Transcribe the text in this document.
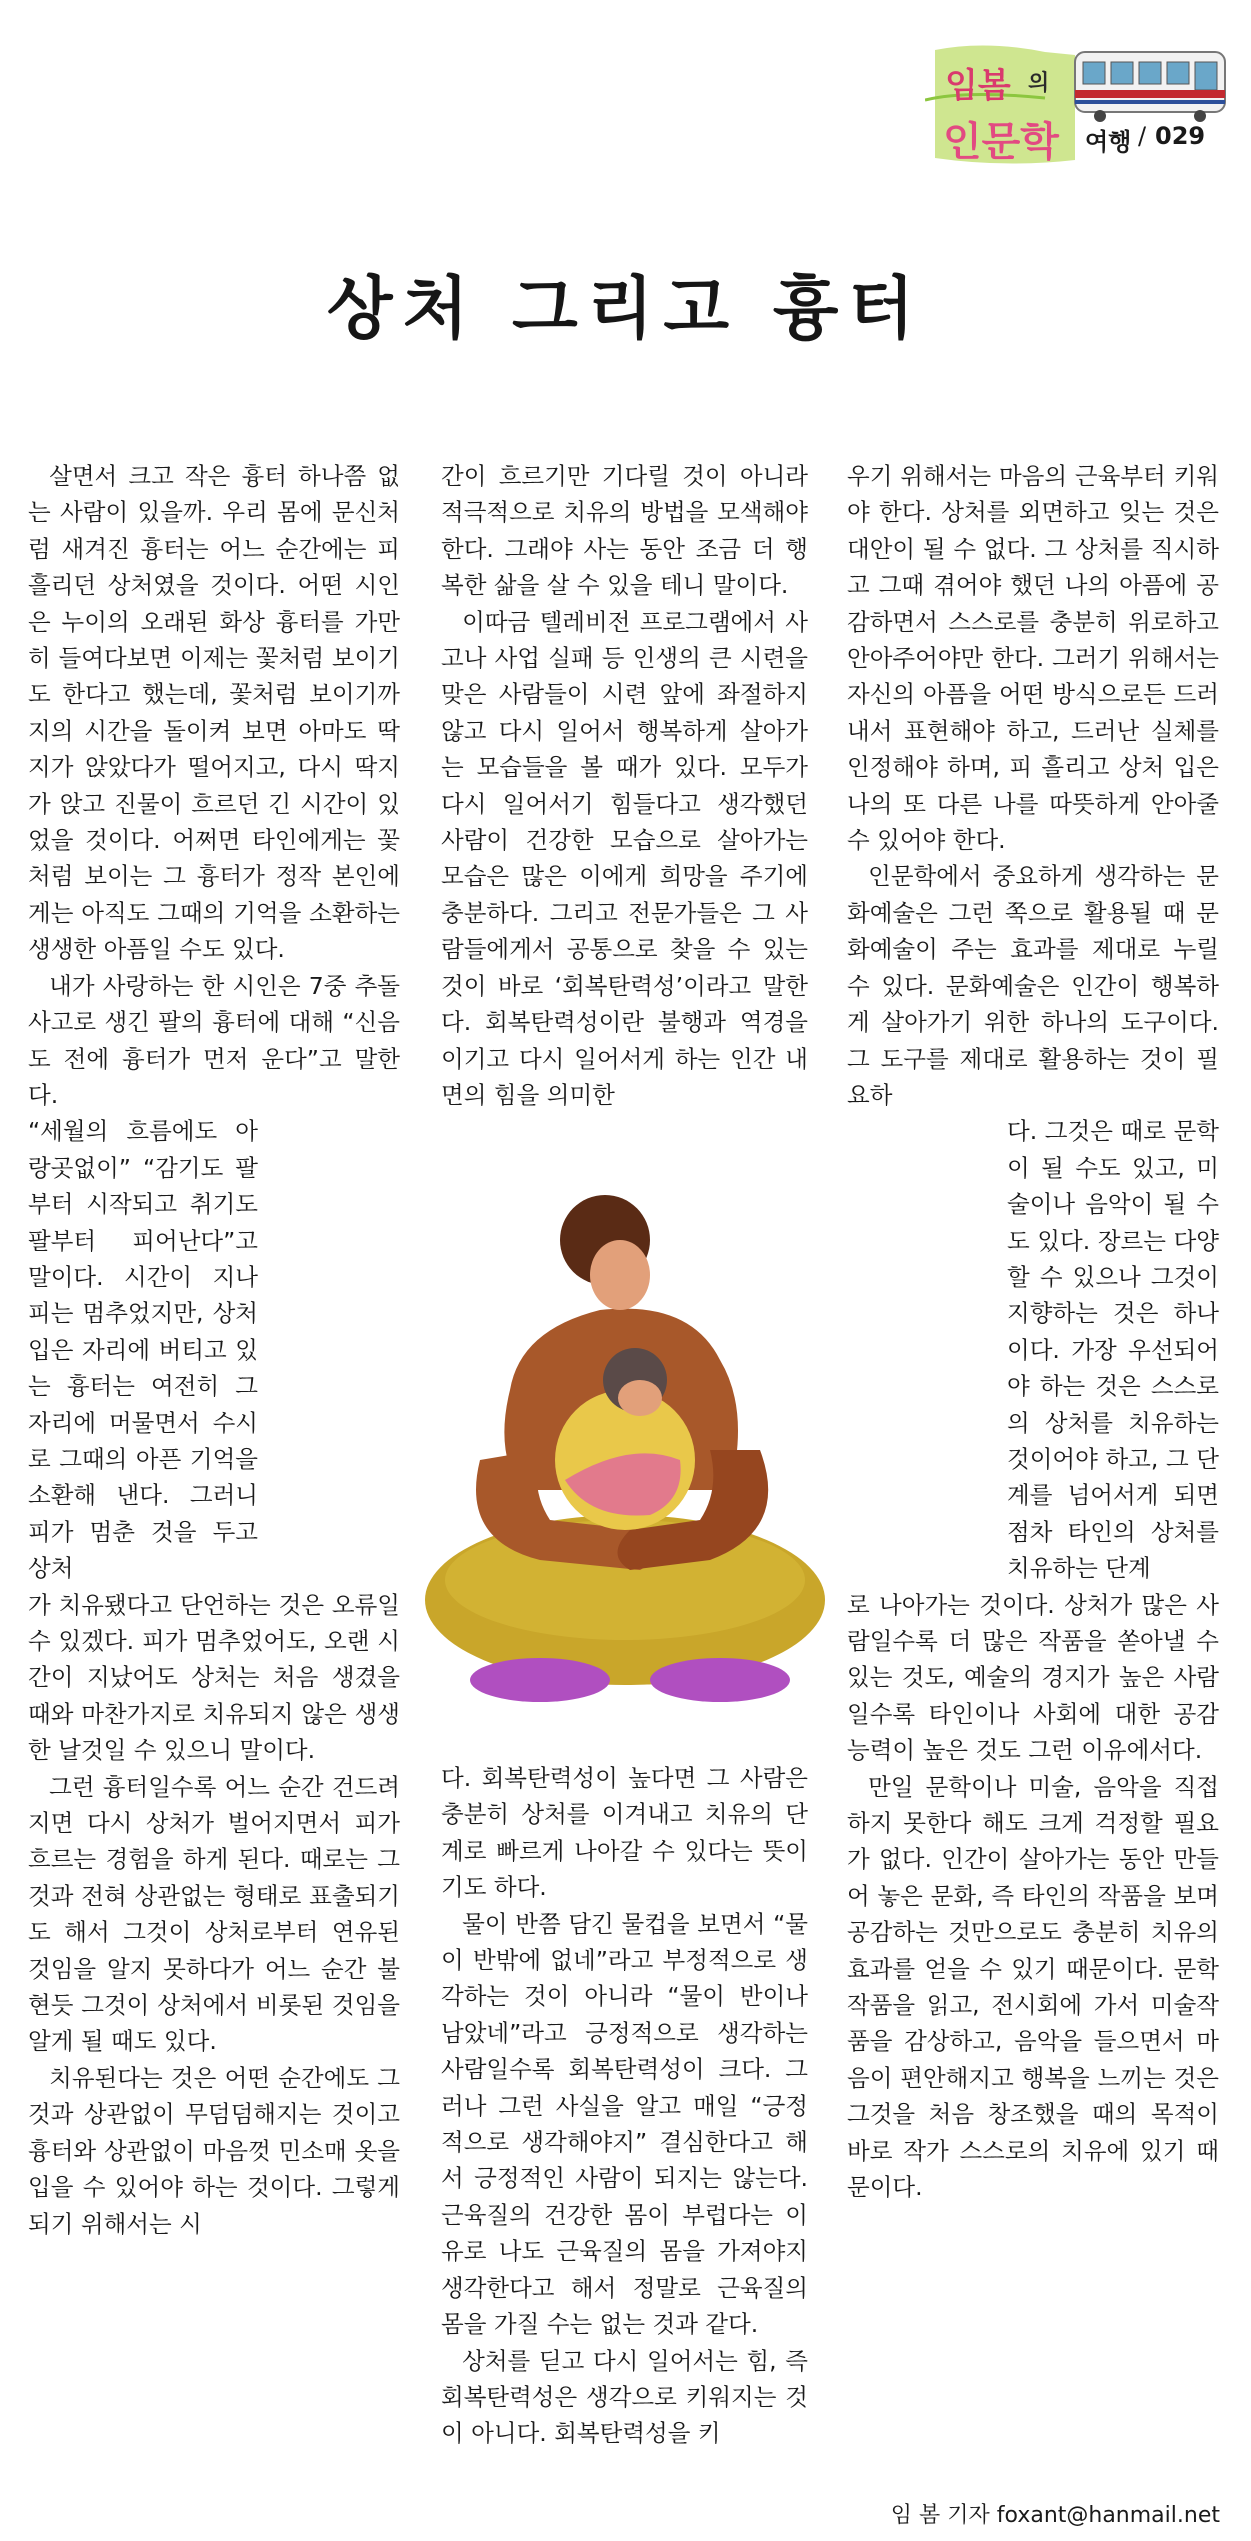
임봄 의
인문학 여행 / 029
상처 그리고 흉터

살면서 크고 작은 흉터 하나쯤 없는 사람이 있을까. 우리 몸에 문신처럼 새겨진 흉터는 어느 순간에는 피 흘리던 상처였을 것이다. 어떤 시인은 누이의 오래된 화상 흉터를 가만히 들여다보면 이제는 꽃처럼 보이기도 한다고 했는데, 꽃처럼 보이기까지의 시간을 돌이켜 보면 아마도 딱지가 앉았다가 떨어지고, 다시 딱지가 앉고 진물이 흐르던 긴 시간이 있었을 것이다. 어쩌면 타인에게는 꽃처럼 보이는 그 흉터가 정작 본인에게는 아직도 그때의 기억을 소환하는 생생한 아픔일 수도 있다.

내가 사랑하는 한 시인은 7중 추돌사고로 생긴 팔의 흉터에 대해 “신음도 전에 흉터가 먼저 운다”고 말한다.

“세월의 흐름에도 아랑곳없이” “감기도 팔부터 시작되고 취기도 팔부터 피어난다”고 말이다. 시간이 지나 피는 멈추었지만, 상처 입은 자리에 버티고 있는 흉터는 여전히 그 자리에 머물면서 수시로 그때의 아픈 기억을 소환해 낸다. 그러니 피가 멈춘 것을 두고 상처

가 치유됐다고 단언하는 것은 오류일 수 있겠다. 피가 멈추었어도, 오랜 시간이 지났어도 상처는 처음 생겼을 때와 마찬가지로 치유되지 않은 생생한 날것일 수 있으니 말이다.

그런 흉터일수록 어느 순간 건드려지면 다시 상처가 벌어지면서 피가 흐르는 경험을 하게 된다. 때로는 그것과 전혀 상관없는 형태로 표출되기도 해서 그것이 상처로부터 연유된 것임을 알지 못하다가 어느 순간 불현듯 그것이 상처에서 비롯된 것임을 알게 될 때도 있다.

치유된다는 것은 어떤 순간에도 그것과 상관없이 무덤덤해지는 것이고 흉터와 상관없이 마음껏 민소매 옷을 입을 수 있어야 하는 것이다. 그렇게 되기 위해서는 시

간이 흐르기만 기다릴 것이 아니라 적극적으로 치유의 방법을 모색해야 한다. 그래야 사는 동안 조금 더 행복한 삶을 살 수 있을 테니 말이다.

이따금 텔레비전 프로그램에서 사고나 사업 실패 등 인생의 큰 시련을 맞은 사람들이 시련 앞에 좌절하지 않고 다시 일어서 행복하게 살아가는 모습들을 볼 때가 있다. 모두가 다시 일어서기 힘들다고 생각했던 사람이 건강한 모습으로 살아가는 모습은 많은 이에게 희망을 주기에 충분하다. 그리고 전문가들은 그 사람들에게서 공통으로 찾을 수 있는 것이 바로 ‘회복탄력성’이라고 말한다. 회복탄력성이란 불행과 역경을 이기고 다시 일어서게 하는 인간 내면의 힘을 의미한

다. 회복탄력성이 높다면 그 사람은 충분히 상처를 이겨내고 치유의 단계로 빠르게 나아갈 수 있다는 뜻이기도 하다.

물이 반쯤 담긴 물컵을 보면서 “물이 반밖에 없네”라고 부정적으로 생각하는 것이 아니라 “물이 반이나 남았네”라고 긍정적으로 생각하는 사람일수록 회복탄력성이 크다. 그러나 그런 사실을 알고 매일 “긍정적으로 생각해야지” 결심한다고 해서 긍정적인 사람이 되지는 않는다. 근육질의 건강한 몸이 부럽다는 이유로 나도 근육질의 몸을 가져야지 생각한다고 해서 정말로 근육질의 몸을 가질 수는 없는 것과 같다.

상처를 딛고 다시 일어서는 힘, 즉 회복탄력성은 생각으로 키워지는 것이 아니다. 회복탄력성을 키

우기 위해서는 마음의 근육부터 키워야 한다. 상처를 외면하고 잊는 것은 대안이 될 수 없다. 그 상처를 직시하고 그때 겪어야 했던 나의 아픔에 공감하면서 스스로를 충분히 위로하고 안아주어야만 한다. 그러기 위해서는 자신의 아픔을 어떤 방식으로든 드러내서 표현해야 하고, 드러난 실체를 인정해야 하며, 피 흘리고 상처 입은 나의 또 다른 나를 따뜻하게 안아줄 수 있어야 한다.

인문학에서 중요하게 생각하는 문화예술은 그런 쪽으로 활용될 때 문화예술이 주는 효과를 제대로 누릴 수 있다. 문화예술은 인간이 행복하게 살아가기 위한 하나의 도구이다. 그 도구를 제대로 활용하는 것이 필요하

다. 그것은 때로 문학이 될 수도 있고, 미술이나 음악이 될 수도 있다. 장르는 다양할 수 있으나 그것이 지향하는 것은 하나이다. 가장 우선되어야 하는 것은 스스로의 상처를 치유하는 것이어야 하고, 그 단계를 넘어서게 되면 점차 타인의 상처를 치유하는 단계

로 나아가는 것이다. 상처가 많은 사람일수록 더 많은 작품을 쏟아낼 수 있는 것도, 예술의 경지가 높은 사람일수록 타인이나 사회에 대한 공감 능력이 높은 것도 그런 이유에서다.

만일 문학이나 미술, 음악을 직접 하지 못한다 해도 크게 걱정할 필요가 없다. 인간이 살아가는 동안 만들어 놓은 문화, 즉 타인의 작품을 보며 공감하는 것만으로도 충분히 치유의 효과를 얻을 수 있기 때문이다. 문학작품을 읽고, 전시회에 가서 미술작품을 감상하고, 음악을 들으면서 마음이 편안해지고 행복을 느끼는 것은 그것을 처음 창조했을 때의 목적이 바로 작가 스스로의 치유에 있기 때문이다.

임 봄 기자 foxant@hanmail.net
